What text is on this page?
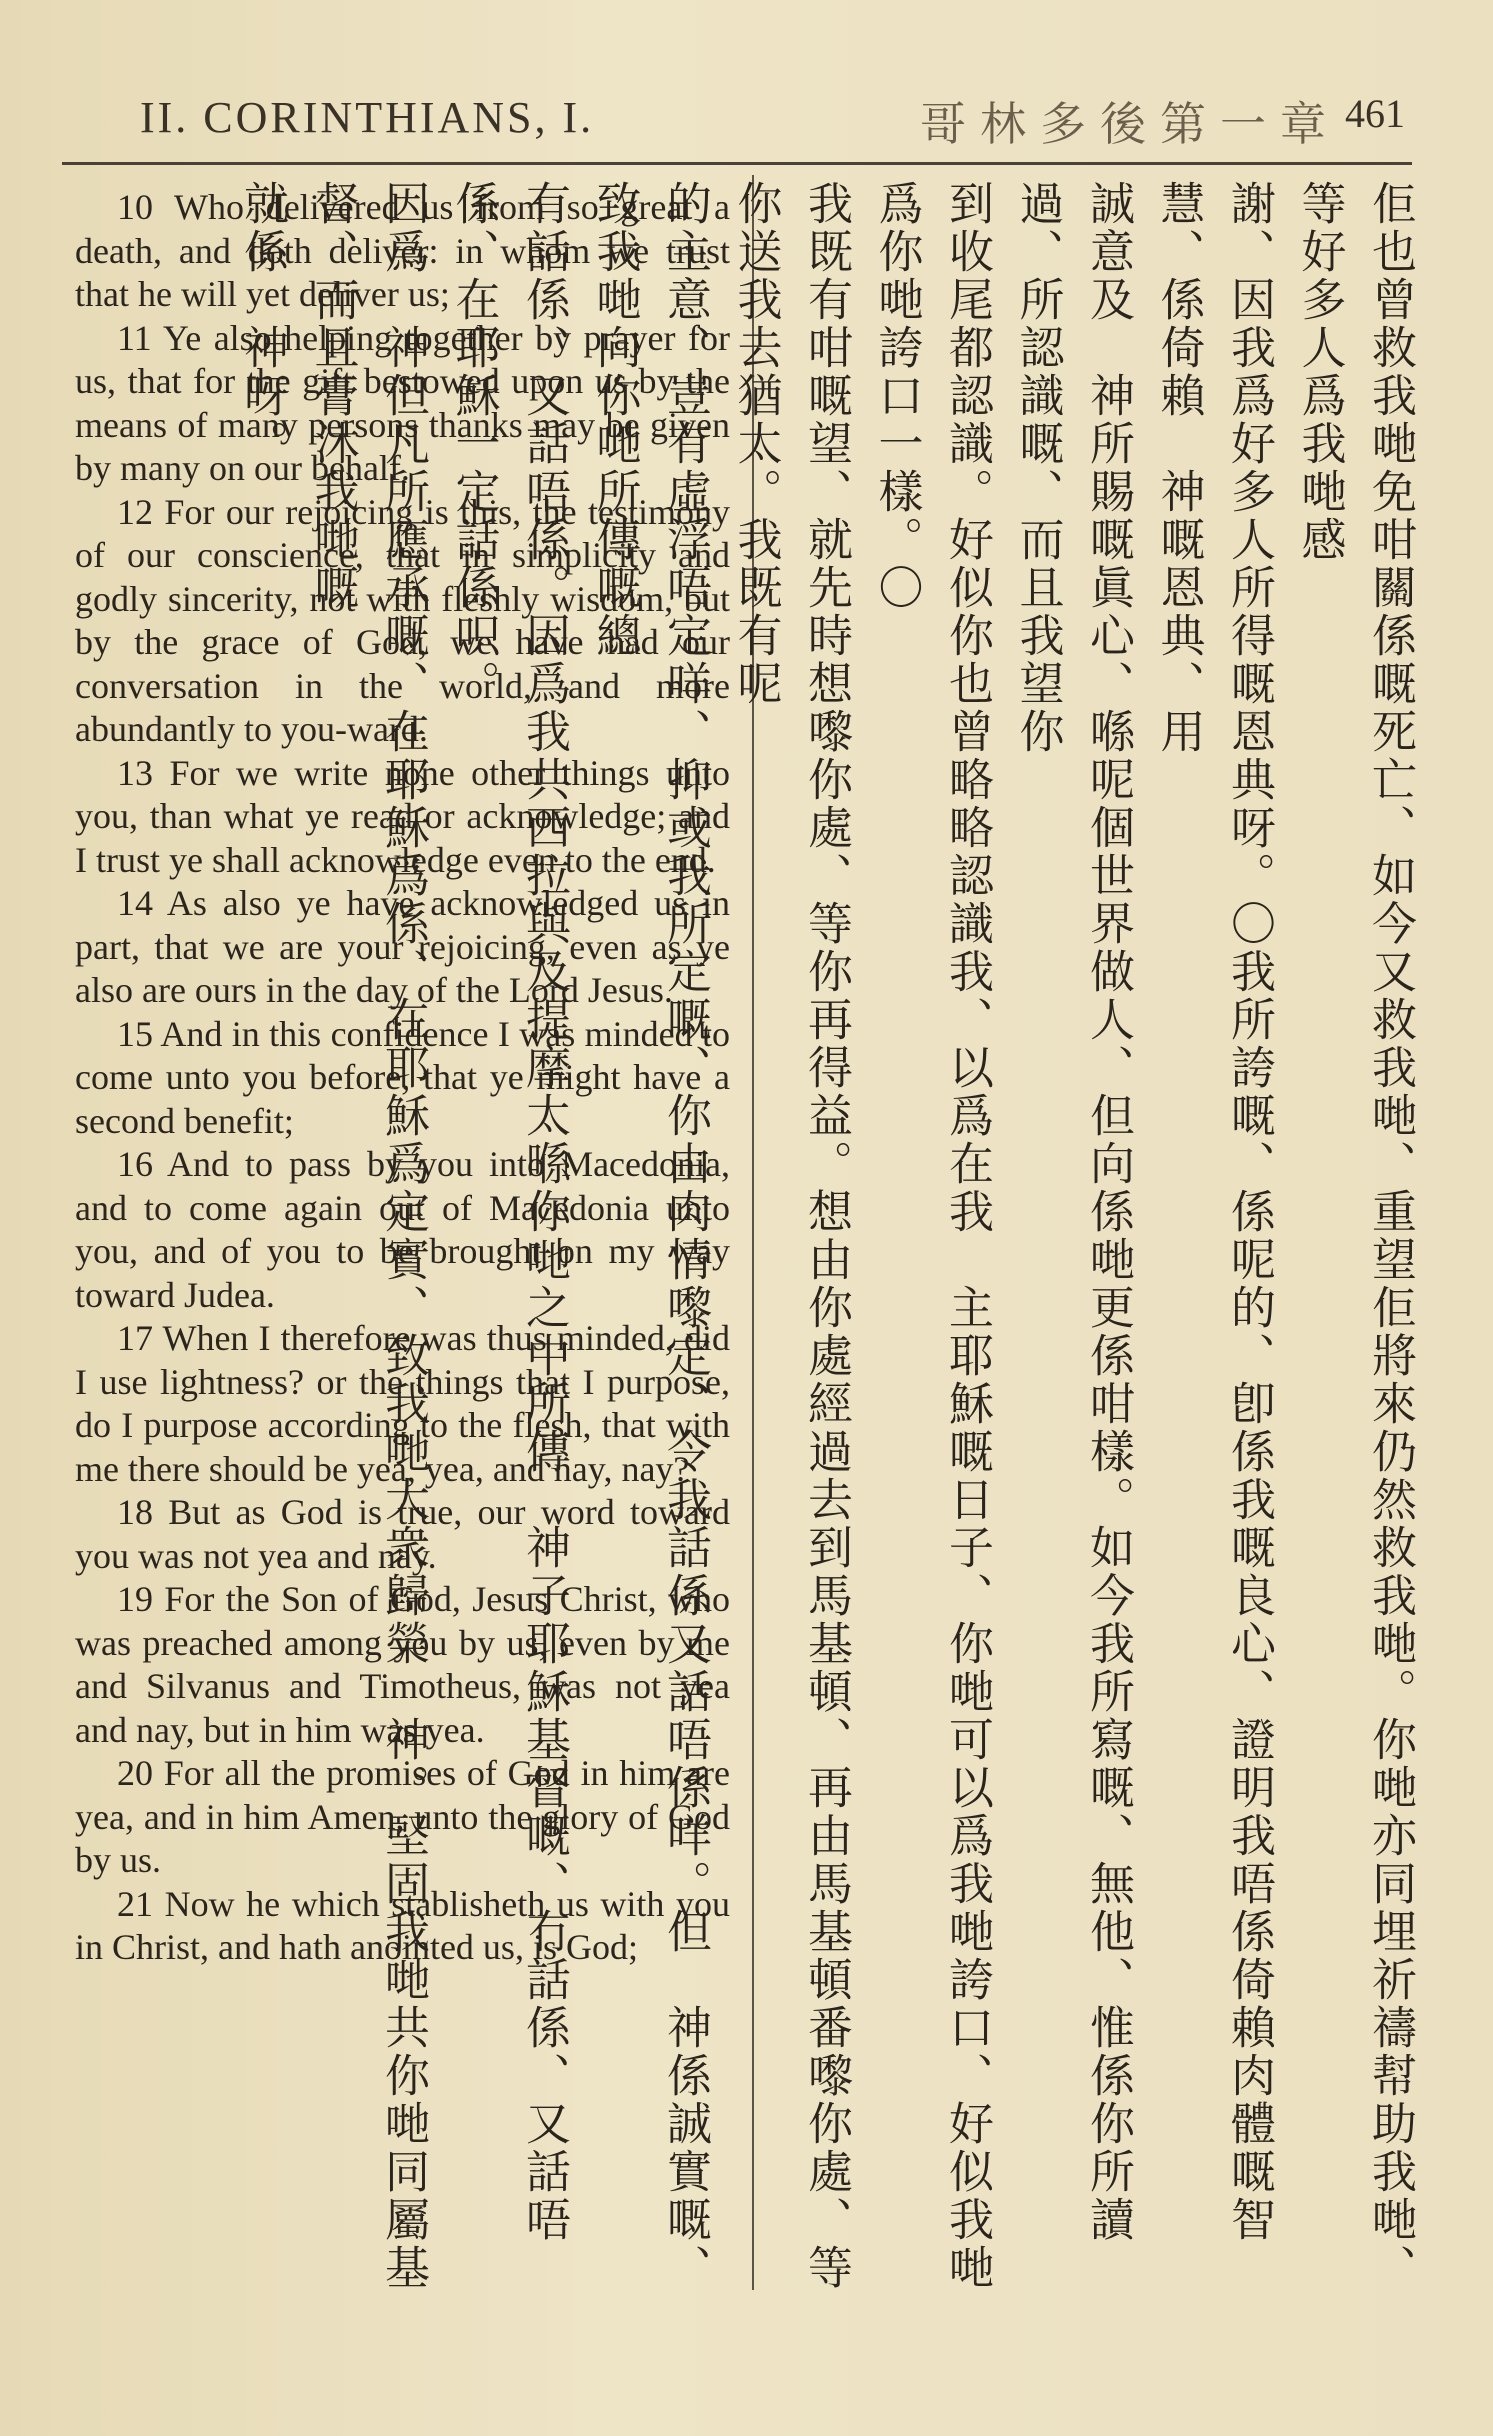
II. CORINTHIANS, I.	哥林多後第一章 461

10 Who delivered us from so great a death, and doth deliver: in whom we trust that he will yet deliver us;

11 Ye also helping together by prayer for us, that for the gift bestowed upon us by the means of many persons thanks may be given by many on our behalf.

12 For our rejoicing is this, the testimony of our conscience, that in simplicity and godly sincerity, not with fleshly wisdom, but by the grace of God, we have had our conversation in the world, and more abundantly to you-ward.

13 For we write none other things unto you, than what ye read or acknowledge; and I trust ye shall acknowledge even to the end.

14 As also ye have acknowledged us in part, that we are your rejoicing, even as ye also are ours in the day of the Lord Jesus.

15 And in this confidence I was minded to come unto you before, that ye might have a second benefit;

16 And to pass by you into Macedonia, and to come again out of Macedonia unto you, and of you to be brought on my way toward Judea.

17 When I therefore was thus minded, did I use lightness? or the things that I purpose, do I purpose according to the flesh, that with me there should be yea, yea, and nay, nay?

18 But as God is true, our word toward you was not yea and nay.

19 For the Son of God, Jesus Christ, who was preached among you by us, even by me and Silvanus and Timotheus, was not yea and nay, but in him was yea.

20 For all the promises of God in him are yea, and in him Amen, unto the glory of God by us.

21 Now he which stablisheth us with you in Christ, and hath anointed us, is God;	佢也曾救我哋免咁關係嘅死亡、如今又救我哋、重望佢將來仍然救我哋。你哋亦同埋祈禱幇助我哋、等好多人爲我哋感
謝、因我爲好多人所得嘅恩典呀。〇我所誇嘅、係呢的、卽係我嘅良心、證明我唔係倚賴肉體嘅智慧、係倚賴　神嘅恩典、用
誠意及　神所賜嘅眞心、喺呢個世界做人、但向係哋更係咁樣。如今我所寫嘅、無他、惟係你所讀過、所認識嘅、而且我望你
到收尾都認識。好似你也曾略略認識我、以爲在我　主耶穌嘅日子、你哋可以爲我哋誇口、好似我哋爲你哋誇口一樣。〇
我既有咁嘅望、就先時想嚟你處、等你再得益。想由你處經過去到馬基頓、再由馬基頓番嚟你處、等你送我去猶太。我既有呢
的主意、豈有虛浮唔定咩、抑或我所定嘅、你由肉情嚟定、令我話係又話唔係咩。但　神係誠實嘅、致我哋向你哋所傳嘅總
有話係、又話唔係。因爲我共西拉與及提摩太喺你哋之中所傳　神子耶穌基督嘅、冇話係、又話唔係、在耶穌一定話係呮。
因爲　神但凡所應承嘅、在耶穌爲係、在耶穌爲定實、致我哋大衆歸榮　神。堅固我哋共你哋同屬基督、而且膏沐我哋嘅
就係　神呀。
